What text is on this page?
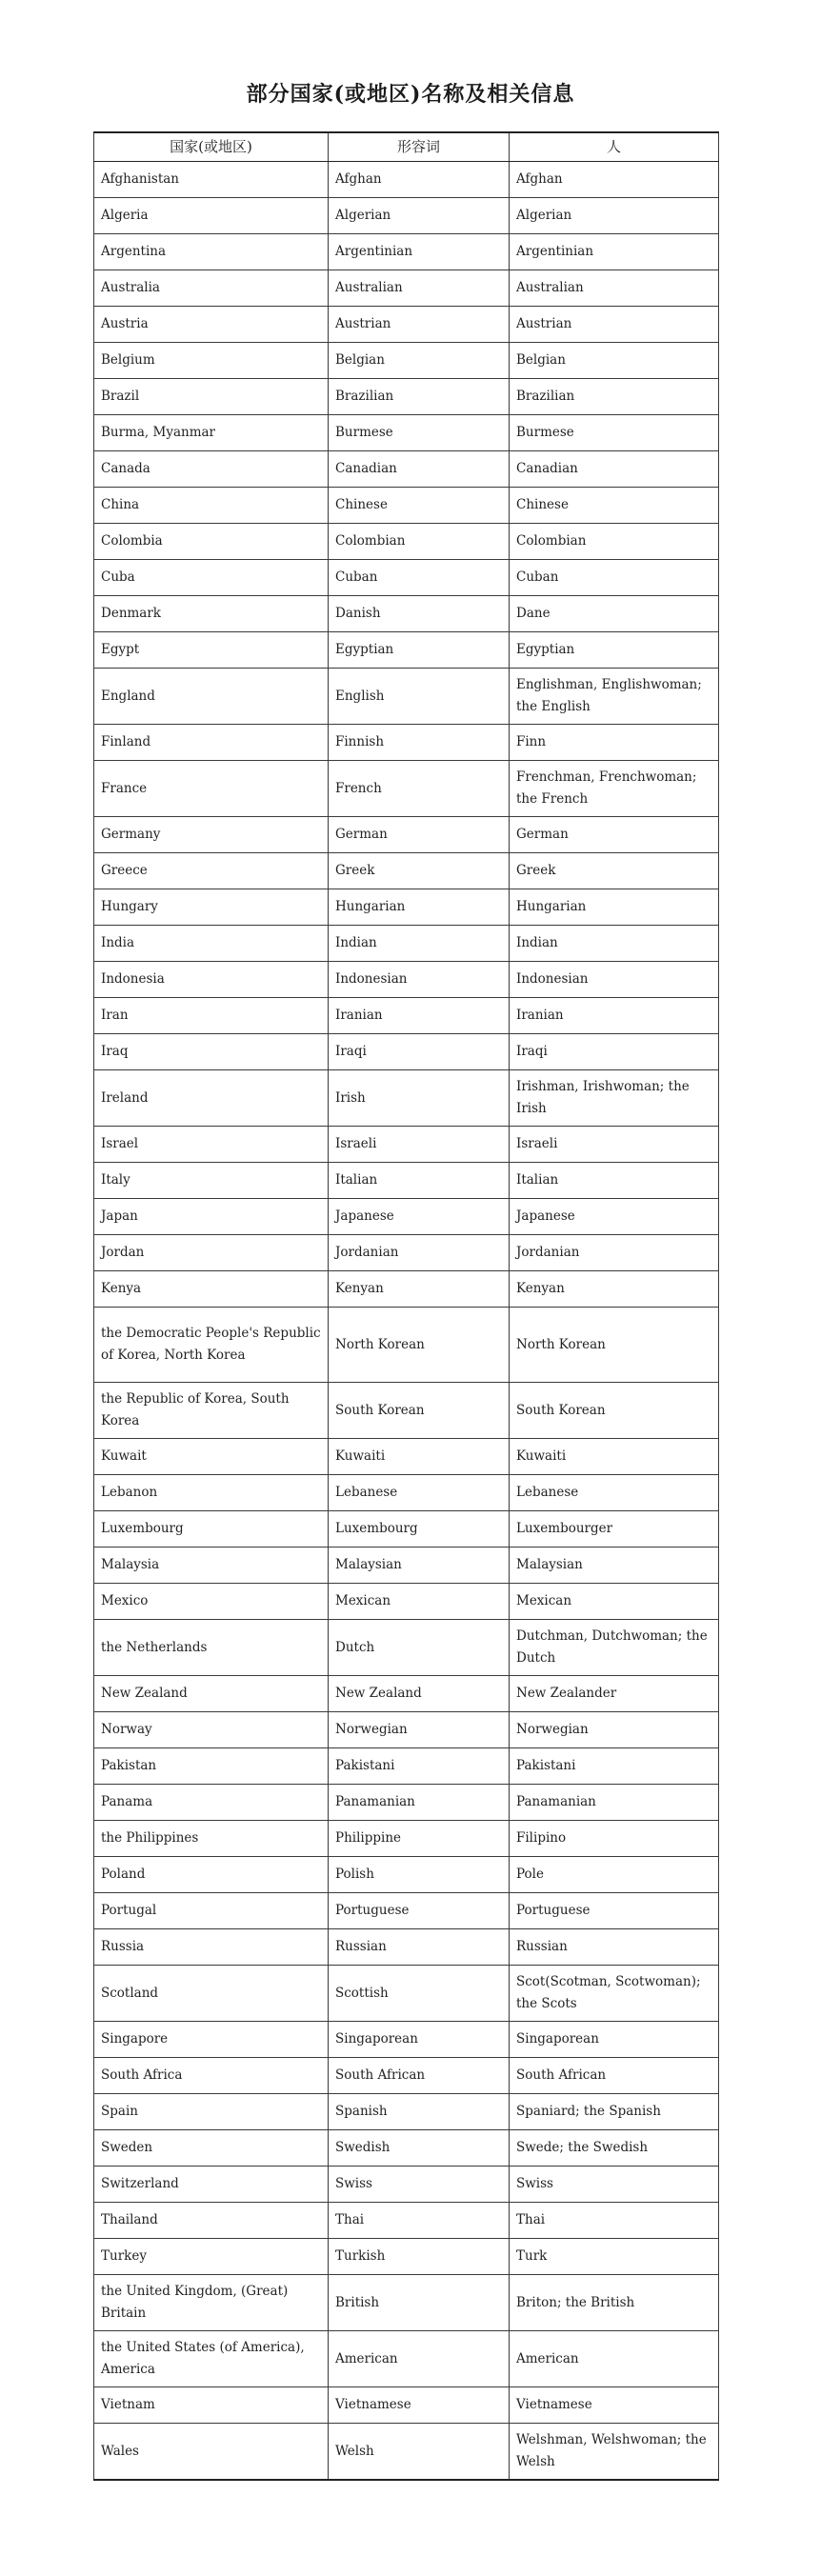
部分国家(或地区)名称及相关信息
国家(或地区)	形容词	人
Afghanistan	Afghan	Afghan
Algeria	Algerian	Algerian
Argentina	Argentinian	Argentinian
Australia	Australian	Australian
Austria	Austrian	Austrian
Belgium	Belgian	Belgian
Brazil	Brazilian	Brazilian
Burma, Myanmar	Burmese	Burmese
Canada	Canadian	Canadian
China	Chinese	Chinese
Colombia	Colombian	Colombian
Cuba	Cuban	Cuban
Denmark	Danish	Dane
Egypt	Egyptian	Egyptian
England	English	Englishman, Englishwoman; the English
Finland	Finnish	Finn
France	French	Frenchman, Frenchwoman; the French
Germany	German	German
Greece	Greek	Greek
Hungary	Hungarian	Hungarian
India	Indian	Indian
Indonesia	Indonesian	Indonesian
Iran	Iranian	Iranian
Iraq	Iraqi	Iraqi
Ireland	Irish	Irishman, Irishwoman; the Irish
Israel	Israeli	Israeli
Italy	Italian	Italian
Japan	Japanese	Japanese
Jordan	Jordanian	Jordanian
Kenya	Kenyan	Kenyan
the Democratic People's Republic of Korea, North Korea	North Korean	North Korean
the Republic of Korea, South Korea	South Korean	South Korean
Kuwait	Kuwaiti	Kuwaiti
Lebanon	Lebanese	Lebanese
Luxembourg	Luxembourg	Luxembourger
Malaysia	Malaysian	Malaysian
Mexico	Mexican	Mexican
the Netherlands	Dutch	Dutchman, Dutchwoman; the Dutch
New Zealand	New Zealand	New Zealander
Norway	Norwegian	Norwegian
Pakistan	Pakistani	Pakistani
Panama	Panamanian	Panamanian
the Philippines	Philippine	Filipino
Poland	Polish	Pole
Portugal	Portuguese	Portuguese
Russia	Russian	Russian
Scotland	Scottish	Scot(Scotman, Scotwoman); the Scots
Singapore	Singaporean	Singaporean
South Africa	South African	South African
Spain	Spanish	Spaniard; the Spanish
Sweden	Swedish	Swede; the Swedish
Switzerland	Swiss	Swiss
Thailand	Thai	Thai
Turkey	Turkish	Turk
the United Kingdom, (Great) Britain	British	Briton; the British
the United States (of America), America	American	American
Vietnam	Vietnamese	Vietnamese
Wales	Welsh	Welshman, Welshwoman; the Welsh
